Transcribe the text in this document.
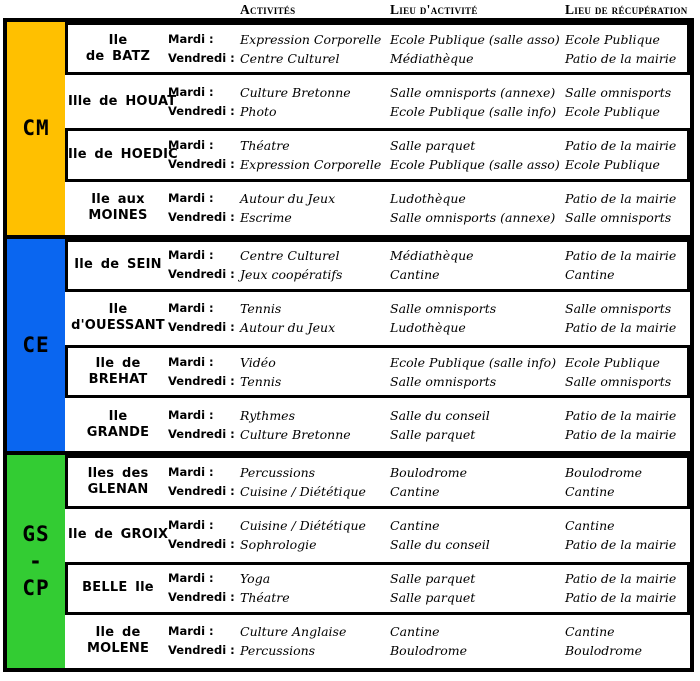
Activités	Lieu d'activité	Lieu de récupération
CM
Ile
de BATZ
Mardi :
Vendredi :
Expression Corporelle
Centre Culturel
Ecole Publique (salle asso)
Médiathèque
Ecole Publique
Patio de la mairie
Ille de HOUAT
Mardi :
Vendredi :
Culture Bretonne
Photo
Salle omnisports (annexe)
Ecole Publique (salle info)
Salle omnisports
Ecole Publique
Ile de HOEDIC
Mardi :
Vendredi :
Théatre
Expression Corporelle
Salle parquet
Ecole Publique (salle asso)
Patio de la mairie
Ecole Publique
Ile aux
MOINES
Mardi :
Vendredi :
Autour du Jeux
Escrime
Ludothèque
Salle omnisports (annexe)
Patio de la mairie
Salle omnisports
CE
Ile de SEIN
Mardi :
Vendredi :
Centre Culturel
Jeux coopératifs
Médiathèque
Cantine
Patio de la mairie
Cantine
Ile
d'OUESSANT
Mardi :
Vendredi :
Tennis
Autour du Jeux
Salle omnisports
Ludothèque
Salle omnisports
Patio de la mairie
Ile de
BREHAT
Mardi :
Vendredi :
Vidéo
Tennis
Ecole Publique (salle info)
Salle omnisports
Ecole Publique
Salle omnisports
Ile
GRANDE
Mardi :
Vendredi :
Rythmes
Culture Bretonne
Salle du conseil
Salle parquet
Patio de la mairie
Patio de la mairie
GS
-
CP
Iles des
GLENAN
Mardi :
Vendredi :
Percussions
Cuisine / Diététique
Boulodrome
Cantine
Boulodrome
Cantine
Ile de GROIX
Mardi :
Vendredi :
Cuisine / Diététique
Sophrologie
Cantine
Salle du conseil
Cantine
Patio de la mairie
BELLE Ile
Mardi :
Vendredi :
Yoga
Théatre
Salle parquet
Salle parquet
Patio de la mairie
Patio de la mairie
Ile de
MOLENE
Mardi :
Vendredi :
Culture Anglaise
Percussions
Cantine
Boulodrome
Cantine
Boulodrome
